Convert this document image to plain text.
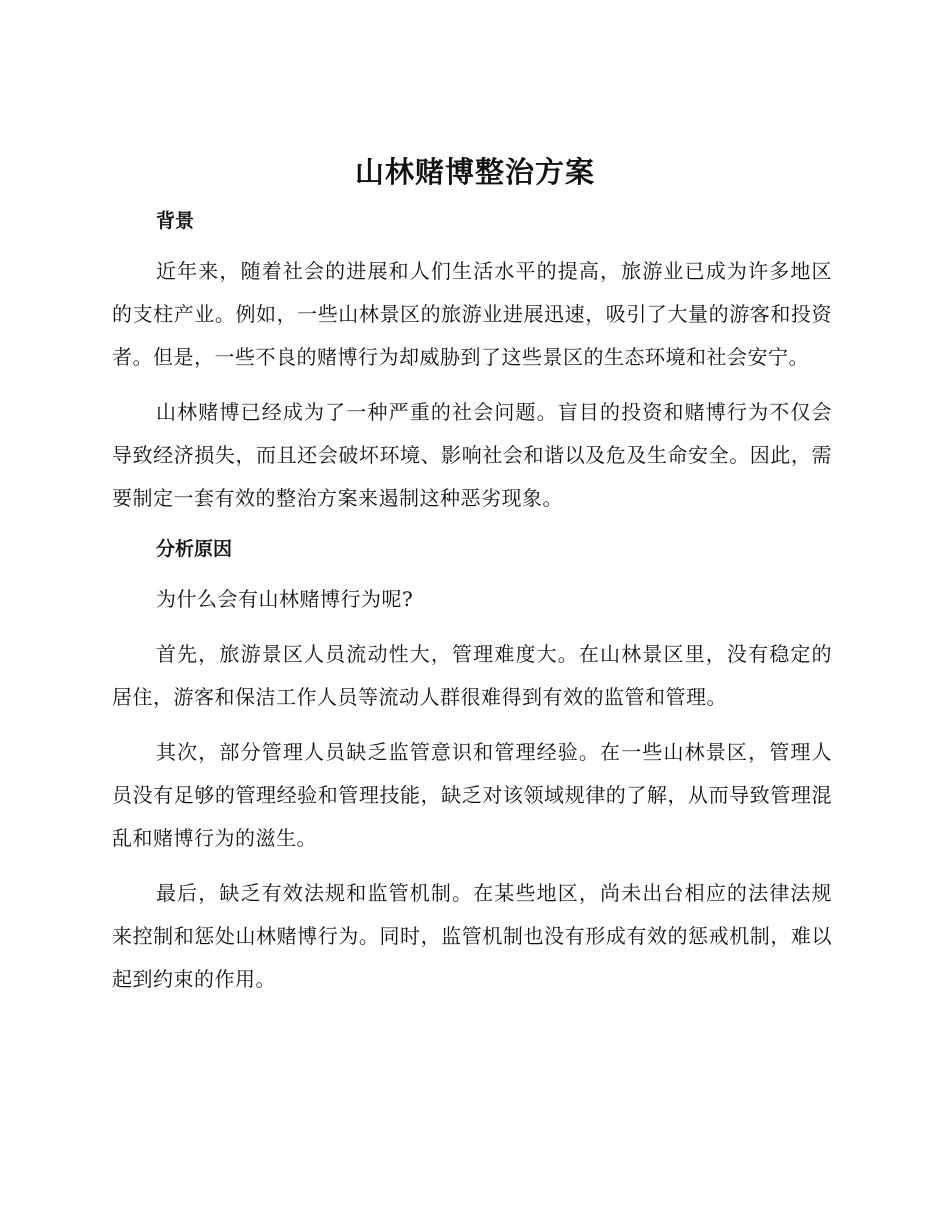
山林赌博整治方案

背景

近年来，随着社会的进展和人们生活水平的提高，旅游业已成为许多地区的支柱产业。例如，一些山林景区的旅游业进展迅速，吸引了大量的游客和投资者。但是，一些不良的赌博行为却威胁到了这些景区的生态环境和社会安宁。

山林赌博已经成为了一种严重的社会问题。盲目的投资和赌博行为不仅会导致经济损失，而且还会破坏环境、影响社会和谐以及危及生命安全。因此，需要制定一套有效的整治方案来遏制这种恶劣现象。

分析原因

为什么会有山林赌博行为呢?

首先，旅游景区人员流动性大，管理难度大。在山林景区里，没有稳定的居住，游客和保洁工作人员等流动人群很难得到有效的监管和管理。

其次，部分管理人员缺乏监管意识和管理经验。在一些山林景区，管理人员没有足够的管理经验和管理技能，缺乏对该领域规律的了解，从而导致管理混乱和赌博行为的滋生。

最后，缺乏有效法规和监管机制。在某些地区，尚未出台相应的法律法规来控制和惩处山林赌博行为。同时，监管机制也没有形成有效的惩戒机制，难以起到约束的作用。
